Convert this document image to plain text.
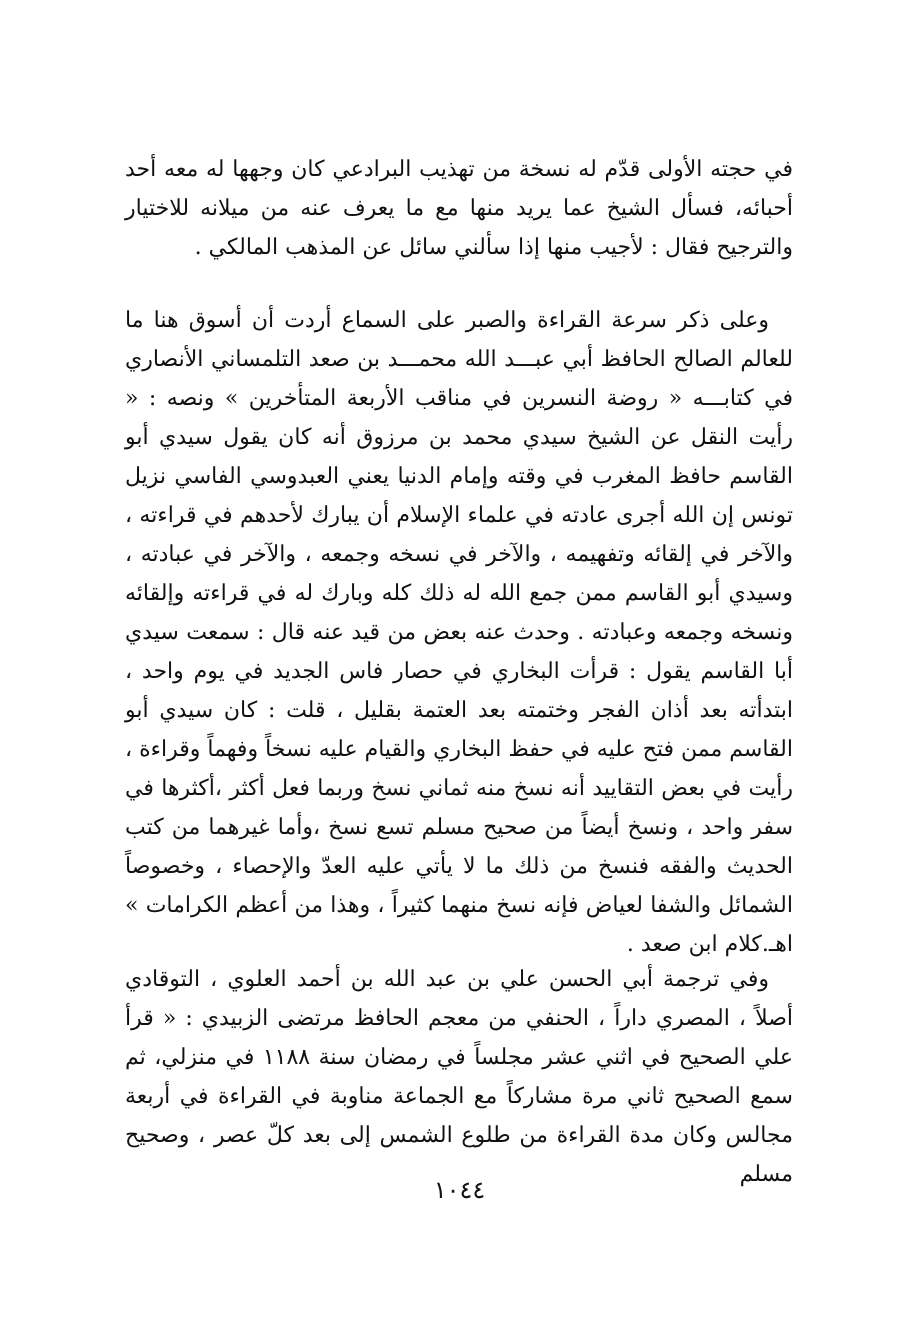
في حجته الأولى قدّم له نسخة من تهذيب البرادعي كان وجهها له معه أحد أحبائه، فسأل الشيخ عما يريد منها مع ما يعرف عنه من ميلانه للاختيار والترجيح فقال : لأجيب منها إذا سألني سائل عن المذهب المالكي .

وعلى ذكر سرعة القراءة والصبر على السماع أردت أن أسوق هنا ما للعالم الصالح الحافظ أبي عبـــد الله محمـــد بن صعد التلمساني الأنصاري في كتابـــه « روضة النسرين في مناقب الأربعة المتأخرين » ونصه : « رأيت النقل عن الشيخ سيدي محمد بن مرزوق أنه كان يقول سيدي أبو القاسم حافظ المغرب في وقته وإمام الدنيا يعني العبدوسي الفاسي نزيل تونس إن الله أجرى عادته في علماء الإسلام أن يبارك لأحدهم في قراءته ، والآخر في إلقائه وتفهيمه ، والآخر في نسخه وجمعه ، والآخر في عبادته ، وسيدي أبو القاسم ممن جمع الله له ذلك كله وبارك له في قراءته وإلقائه ونسخه وجمعه وعبادته . وحدث عنه بعض من قيد عنه قال : سمعت سيدي أبا القاسم يقول : قرأت البخاري في حصار فاس الجديد في يوم واحد ، ابتدأته بعد أذان الفجر وختمته بعد العتمة بقليل ، قلت : كان سيدي أبو القاسم ممن فتح عليه في حفظ البخاري والقيام عليه نسخاً وفهماً وقراءة ، رأيت في بعض التقاييد أنه نسخ منه ثماني نسخ وربما فعل أكثر ،أكثرها في سفر واحد ، ونسخ أيضاً من صحيح مسلم تسع نسخ ،وأما غيرهما من كتب الحديث والفقه فنسخ من ذلك ما لا يأتي عليه العدّ والإحصاء ، وخصوصاً الشمائل والشفا لعياض فإنه نسخ منهما كثيراً ، وهذا من أعظم الكرامات » اهـ.كلام ابن صعد .

وفي ترجمة أبي الحسن علي بن عبد الله بن أحمد العلوي ، التوقادي أصلاً ، المصري داراً ، الحنفي من معجم الحافظ مرتضى الزبيدي : « قرأ علي الصحيح في اثني عشر مجلساً في رمضان سنة ١١٨٨ في منزلي، ثم سمع الصحيح ثاني مرة مشاركاً مع الجماعة مناوبة في القراءة في أربعة مجالس وكان مدة القراءة من طلوع الشمس إلى بعد كلّ عصر ، وصحيح مسلم

١٠٤٤
